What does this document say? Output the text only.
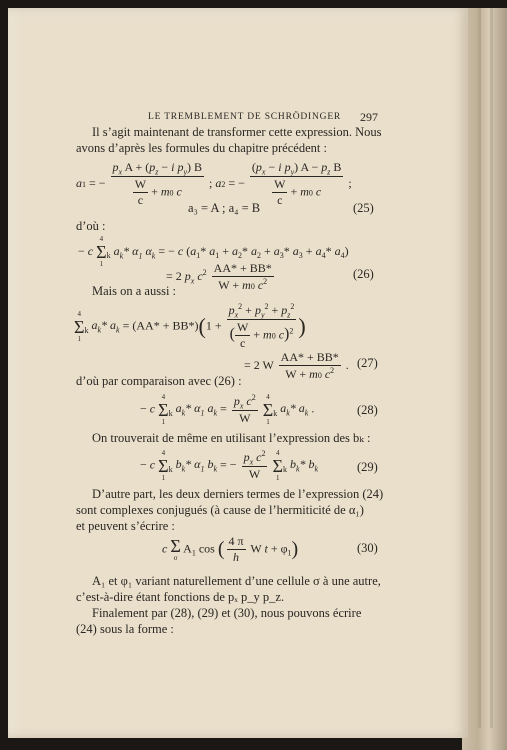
LE TREMBLEMENT DE SCHRÖDINGER 297
Il s’agit maintenant de transformer cette expression. Nous
avons d’après les formules du chapitre précédent :
a1 = − $\frac{p_x A + (p_z - i p_y) B}{\frac{W}{c} + m0 c}$ ; a2 = − $\frac{(p_x - i p_y) A - p_z B}{\frac{W}{c} + m0 c}$ ;
a₃ = A ; a₄ = B	(25)
d’où :
− c
4
Σ
1
$_k$ $a_k*$ $\alpha_1$ $\alpha_k$ = − c ($a_1*$ $a_1 + a_2*$ $a_2 + a_3*$ $a_3 + a_4*$ $a_4$)
= 2 $p_x$ $c^2 \frac{AA* + BB*}{W + m0 c^2}$	(26)
Mais on a aussi :
4
Σ
1
$_k$ $a_k*$ $a_k = (AA* + BB*)(1 + \frac{p_x^2 + p_y^2 + p_z^2}{( \frac{W}{c} + m0 c)^2}$ )
= 2 W $\frac{AA* + BB*}{W + m0 c^2}$ . (27)
d’où par comparaison avec (26) :
− c
4
Σ
1
$_k$ $a_k*$ $\alpha_1$ $a_k = \frac{p_x c^2}{W}$
	4
Σ
1
$_k$ $a_k*$ $a_k$ .	(28)
On trouverait de même en utilisant l’expression des bₖ :
− c
4
Σ
1
$_k$ $b_k*$ $\alpha_1$ $b_k$ = − $\frac{p_x c^2}{W}$
	4
Σ
1
$_k$ $b_k*$ $b_k$	(29)
D’autre part, les deux derniers termes de l’expression (24)
sont complexes conjugués (à cause de l’hermiticité de α₁)
et peuvent s’écrire :
c Σ
σ
$A_1$ cos ( $\frac{4 \pi}{h}$ W $t + \varphi_1$)	(30)
A₁ et φ₁ variant naturellement d’une cellule σ à une autre,
c’est-à-dire étant fonctions de pₓ p_y p_z.
Finalement par (28), (29) et (30), nous pouvons écrire
(24) sous la forme :
